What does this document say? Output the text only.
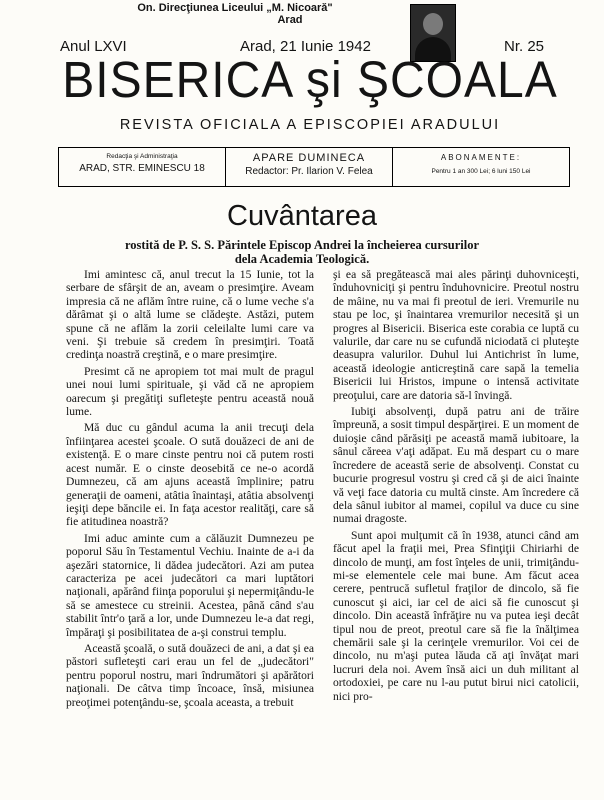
On. Direcţiunea Liceului „M. Nicoară"
Arad
Anul LXVI	Arad, 21 Iunie 1942	Nr. 25
BISERICA şi ŞCOALA
REVISTA OFICIALA A EPISCOPIEI ARADULUI
Redacţia şi Administraţia
ARAD, STR. EMINESCU 18
APARE DUMINECA
Redactor: Pr. Ilarion V. Felea
ABONAMENTE:
Pentru 1 an 300 Lei; 6 luni 150 Lei
Cuvântarea
rostită de P. S. S. Părintele Episcop Andrei la încheierea cursurilor
dela Academia Teologică.

Imi amintesc că, anul trecut la 15 Iunie, tot la serbare de sfârşit de an, aveam o presimţire. Aveam impresia că ne aflăm între ruine, că o lume veche s'a dărâmat şi o altă lume se clădeşte. Astăzi, putem spune că ne aflăm la zorii celeilalte lumi care va veni. Şi trebuie să credem în presimţiri. Toată credinţa noastră creştină, e o mare presimţire.

Presimt că ne apropiem tot mai mult de pragul unei noui lumi spirituale, şi văd că ne apropiem oarecum şi pregătiţi sufleteşte pentru această nouă lume.

Mă duc cu gândul acuma la anii trecuţi dela înfiinţarea acestei şcoale. O sută douăzeci de ani de existenţă. E o mare cinste pentru noi că putem rosti acest număr. E o cinste deosebită ce ne-o acordă Dumnezeu, că am ajuns această împlinire; patru generaţii de oameni, atâtia înaintaşi, atâtia absolvenţi ieşiţi depe băncile ei. In faţa acestor realităţi, care să fie atitudinea noastră?

Imi aduc aminte cum a călăuzit Dumnezeu pe poporul Său în Testamentul Vechiu. Inainte de a-i da aşezări statornice, li dădea judecători. Azi am putea caracteriza pe acei judecători ca mari luptători naţionali, apărând fiinţa poporului şi nepermiţându-le să se amestece cu streinii. Acestea, până când s'au stabilit într'o ţară a lor, unde Dumnezeu le-a dat regi, împăraţi şi posibilitatea de a-şi construi templu.

Această şcoală, o sută douăzeci de ani, a dat şi ea păstori sufleteşti cari erau un fel de „judecători" pentru poporul nostru, mari îndrumători şi apărători naţionali. De câtva timp încoace, însă, misiunea preoţimei potenţându-se, şcoala aceasta, a trebuit

şi ea să pregătească mai ales părinţi duhovniceşti, înduhovniciţi şi pentru înduhovnicire. Preotul nostru de mâine, nu va mai fi preotul de ieri. Vremurile nu stau pe loc, şi înaintarea vremurilor necesită şi un progres al Bisericii. Biserica este corabia ce luptă cu valurile, dar care nu se cufundă niciodată ci pluteşte deasupra valurilor. Duhul lui Antichrist în lume, această ideologie anticreştină care sapă la temelia Bisericii lui Hristos, impune o intensă activitate preoţului, care are datoria să-l învingă.

Iubiţi absolvenţi, după patru ani de trăire împreună, a sosit timpul despărţirei. E un moment de duioşie când părăsiţi pe această mamă iubitoare, la sânul căreea v'aţi adăpat. Eu mă despart cu o mare încredere de această serie de absolvenţi. Constat cu bucurie progresul vostru şi cred că şi de aici înainte vă veţi face datoria cu multă cinste. Am încredere că dela sânul iubitor al mamei, copilul va duce cu sine numai dragoste.

Sunt apoi mulţumit că în 1938, atunci când am făcut apel la fraţii mei, Prea Sfinţiţii Chiriarhi de dincolo de munţi, am fost înţeles de unii, trimiţându-mi-se elementele cele mai bune. Am făcut acea cerere, pentrucă sufletul fraţilor de dincolo, să fie cunoscut şi aici, iar cel de aici să fie cunoscut şi dincolo. Din această înfrăţire nu va putea ieşi decât tipul nou de preot, preotul care să fie la înălţimea chemării sale şi la cerinţele vremurilor. Voi cei de dincolo, nu m'aşi putea lăuda că aţi învăţat mari lucruri dela noi. Avem însă aici un duh militant al ortodoxiei, pe care nu l-au putut birui nici catolicii, nici pro-
